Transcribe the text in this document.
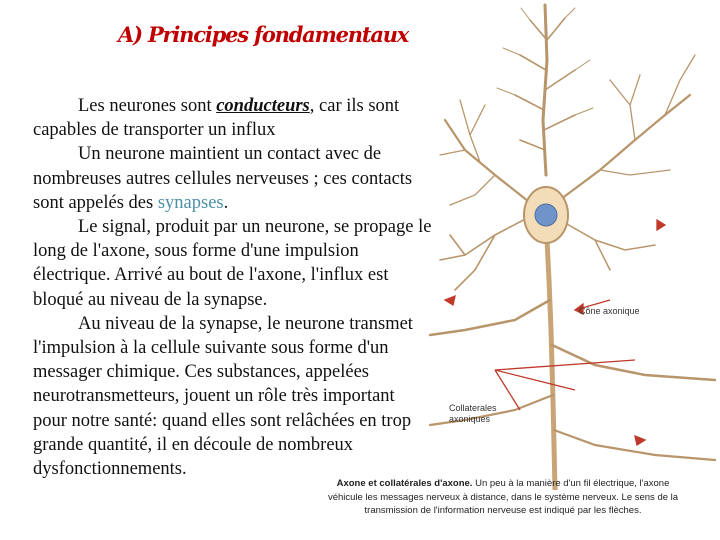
A) Principes fondamentaux

Les neurones sont conducteurs, car ils sont capables de transporter un influx

Un neurone maintient un contact avec de nombreuses autres cellules nerveuses ; ces contacts sont appelés des synapses.

Le signal, produit par un neurone, se propage le long de l'axone, sous forme d'une impulsion électrique. Arrivé au bout de l'axone, l'influx est bloqué au niveau de la synapse.

Au niveau de la synapse, le neurone transmet l'impulsion à la cellule suivante sous forme d'un messager chimique. Ces substances, appelées neurotransmetteurs, jouent un rôle très important pour notre santé: quand elles sont relâchées en trop grande quantité, il en découle de nombreux dysfonctionnements.

Cône axonique
Collaterales
axoniques
Axone et collatérales d'axone. Un peu à la manière d'un fil électrique, l'axone véhicule les messages nerveux à distance, dans le système nerveux. Le sens de la transmission de l'information nerveuse est indiqué par les flèches.
